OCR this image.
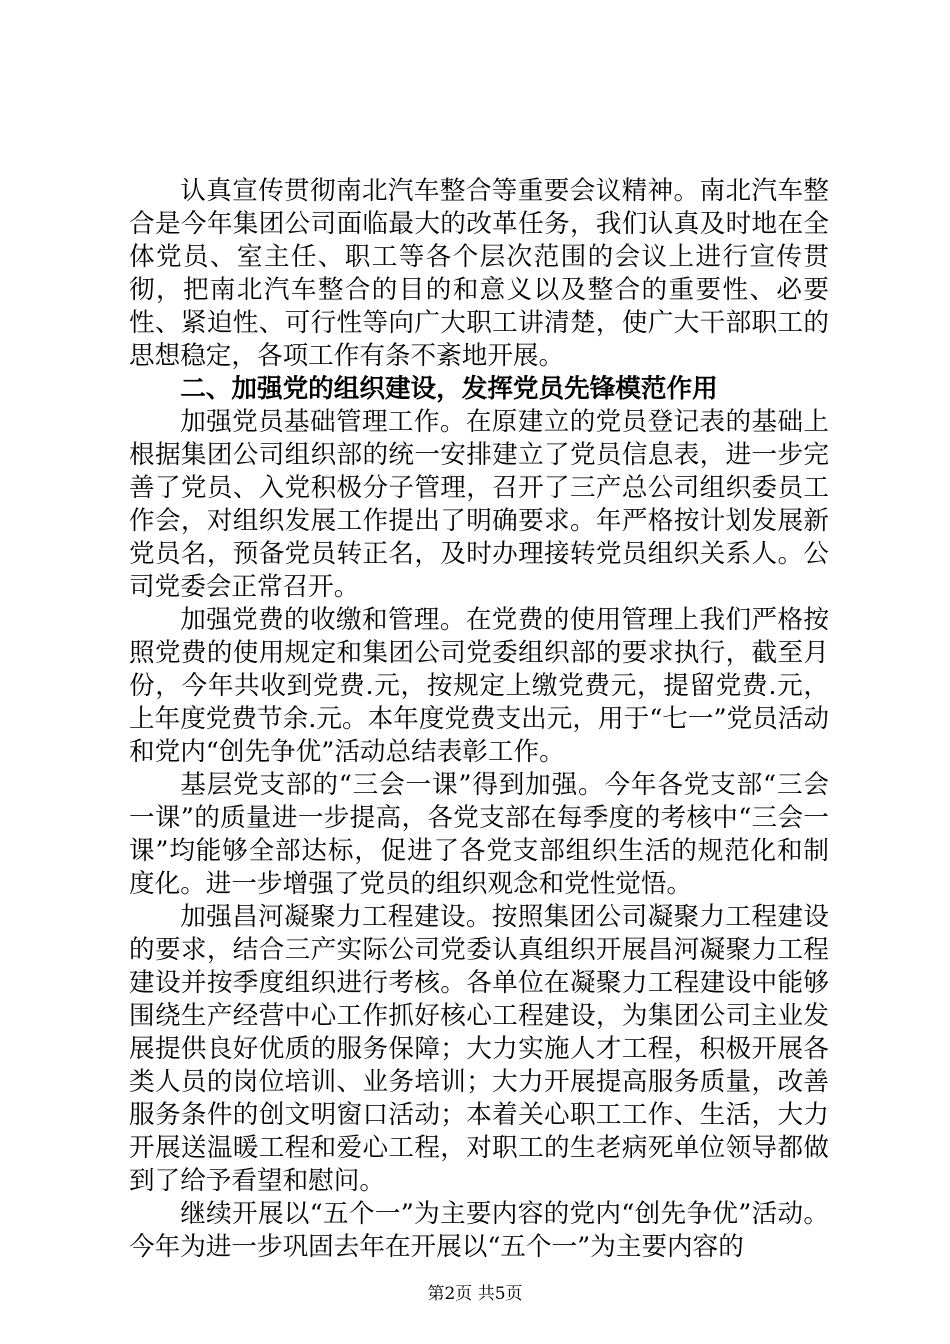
认真宣传贯彻南北汽车整合等重要会议精神。南北汽车整合是今年集团公司面临最大的改革任务，我们认真及时地在全体党员、室主任、职工等各个层次范围的会议上进行宣传贯彻，把南北汽车整合的目的和意义以及整合的重要性、必要性、紧迫性、可行性等向广大职工讲清楚，使广大干部职工的思想稳定，各项工作有条不紊地开展。

二、加强党的组织建设，发挥党员先锋模范作用

加强党员基础管理工作。在原建立的党员登记表的基础上根据集团公司组织部的统一安排建立了党员信息表，进一步完善了党员、入党积极分子管理，召开了三产总公司组织委员工作会，对组织发展工作提出了明确要求。年严格按计划发展新党员名，预备党员转正名，及时办理接转党员组织关系人。公司党委会正常召开。

加强党费的收缴和管理。在党费的使用管理上我们严格按照党费的使用规定和集团公司党委组织部的要求执行，截至月份，今年共收到党费.元，按规定上缴党费元，提留党费.元，上年度党费节余.元。本年度党费支出元，用于“七一”党员活动和党内“创先争优”活动总结表彰工作。

基层党支部的“三会一课”得到加强。今年各党支部“三会一课”的质量进一步提高，各党支部在每季度的考核中“三会一课”均能够全部达标，促进了各党支部组织生活的规范化和制度化。进一步增强了党员的组织观念和党性觉悟。

加强昌河凝聚力工程建设。按照集团公司凝聚力工程建设的要求，结合三产实际公司党委认真组织开展昌河凝聚力工程建设并按季度组织进行考核。各单位在凝聚力工程建设中能够围绕生产经营中心工作抓好核心工程建设，为集团公司主业发展提供良好优质的服务保障；大力实施人才工程，积极开展各类人员的岗位培训、业务培训；大力开展提高服务质量，改善服务条件的创文明窗口活动；本着关心职工工作、生活，大力开展送温暖工程和爱心工程，对职工的生老病死单位领导都做到了给予看望和慰问。

继续开展以“五个一”为主要内容的党内“创先争优”活动。今年为进一步巩固去年在开展以“五个一”为主要内容的

第2页 共5页
